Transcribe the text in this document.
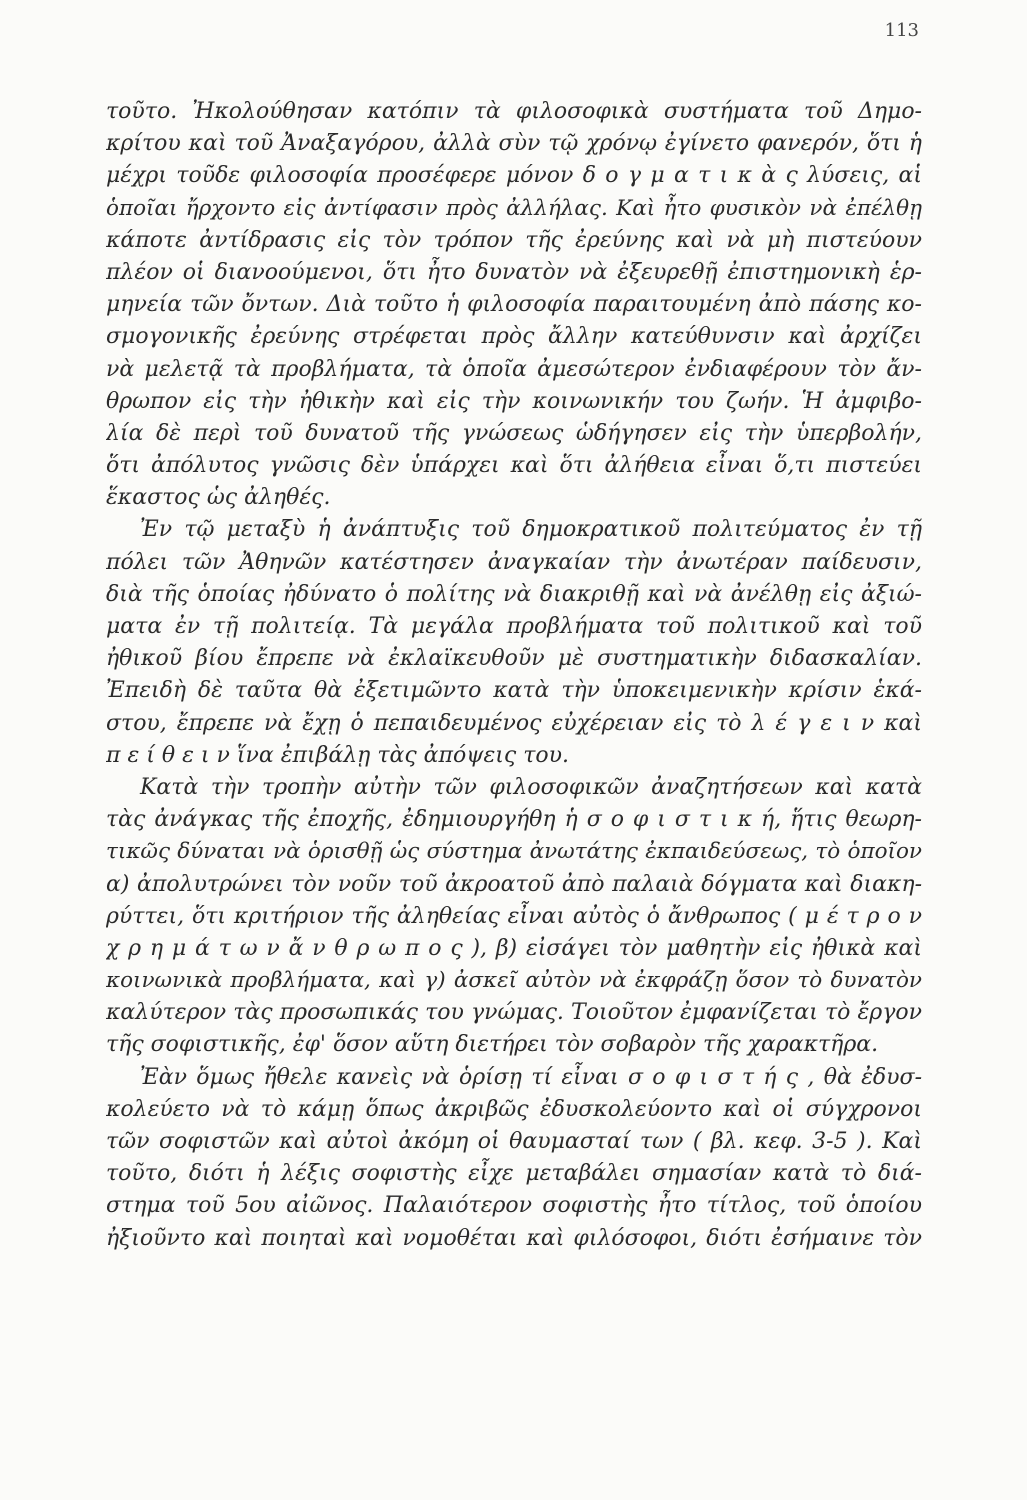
113
τοῦτο. Ἠκολούθησαν κατόπιν τὰ φιλοσοφικὰ συστήματα τοῦ Δημο-
κρίτου καὶ τοῦ Ἀναξαγόρου, ἀλλὰ σὺν τῷ χρόνῳ ἐγίνετο φανερόν, ὅτι ἡ
μέχρι τοῦδε φιλοσοφία προσέφερε μόνον δ ο γ μ α τ ι κ ὰ ς λύσεις, αἱ
ὁποῖαι ἤρχοντο εἰς ἀντίφασιν πρὸς ἀλλήλας. Καὶ ἦτο φυσικὸν νὰ ἐπέλθῃ
κάποτε ἀντίδρασις εἰς τὸν τρόπον τῆς ἐρεύνης καὶ νὰ μὴ πιστεύουν
πλέον οἱ διανοούμενοι, ὅτι ἦτο δυνατὸν νὰ ἐξευρεθῇ ἐπιστημονικὴ ἑρ-
μηνεία τῶν ὄντων. Διὰ τοῦτο ἡ φιλοσοφία παραιτουμένη ἀπὸ πάσης κο-
σμογονικῆς ἐρεύνης στρέφεται πρὸς ἄλλην κατεύθυνσιν καὶ ἀρχίζει
νὰ μελετᾷ τὰ προβλήματα, τὰ ὁποῖα ἀμεσώτερον ἐνδιαφέρουν τὸν ἄν-
θρωπον εἰς τὴν ἠθικὴν καὶ εἰς τὴν κοινωνικήν του ζωήν. Ἡ ἀμφιβο-
λία δὲ περὶ τοῦ δυνατοῦ τῆς γνώσεως ὡδήγησεν εἰς τὴν ὑπερβολήν,
ὅτι ἀπόλυτος γνῶσις δὲν ὑπάρχει καὶ ὅτι ἀλήθεια εἶναι ὅ,τι πιστεύει
ἕκαστος ὡς ἀληθές.
Ἐν τῷ μεταξὺ ἡ ἀνάπτυξις τοῦ δημοκρατικοῦ πολιτεύματος ἐν τῇ
πόλει τῶν Ἀθηνῶν κατέστησεν ἀναγκαίαν τὴν ἀνωτέραν παίδευσιν,
διὰ τῆς ὁποίας ἠδύνατο ὁ πολίτης νὰ διακριθῇ καὶ νὰ ἀνέλθῃ εἰς ἀξιώ-
ματα ἐν τῇ πολιτείᾳ. Τὰ μεγάλα προβλήματα τοῦ πολιτικοῦ καὶ τοῦ
ἠθικοῦ βίου ἔπρεπε νὰ ἐκλαϊκευθοῦν μὲ συστηματικὴν διδασκαλίαν.
Ἐπειδὴ δὲ ταῦτα θὰ ἐξετιμῶντο κατὰ τὴν ὑποκειμενικὴν κρίσιν ἑκά-
στου, ἔπρεπε νὰ ἔχῃ ὁ πεπαιδευμένος εὐχέρειαν εἰς τὸ λ έ γ ε ι ν καὶ
π ε ί θ ε ι ν ἵνα ἐπιβάλῃ τὰς ἀπόψεις του.
Κατὰ τὴν τροπὴν αὐτὴν τῶν φιλοσοφικῶν ἀναζητήσεων καὶ κατὰ
τὰς ἀνάγκας τῆς ἐποχῆς, ἐδημιουργήθη ἡ σ ο φ ι σ τ ι κ ή, ἥτις θεωρη-
τικῶς δύναται νὰ ὁρισθῇ ὡς σύστημα ἀνωτάτης ἐκπαιδεύσεως, τὸ ὁποῖον
α) ἀπολυτρώνει τὸν νοῦν τοῦ ἀκροατοῦ ἀπὸ παλαιὰ δόγματα καὶ διακη-
ρύττει, ὅτι κριτήριον τῆς ἀληθείας εἶναι αὐτὸς ὁ ἄνθρωπος ( μ έ τ ρ ο ν
χ ρ η μ ά τ ω ν ἄ ν θ ρ ω π ο ς ), β) εἰσάγει τὸν μαθητὴν εἰς ἠθικὰ καὶ
κοινωνικὰ προβλήματα, καὶ γ) ἀσκεῖ αὐτὸν νὰ ἐκφράζῃ ὅσον τὸ δυνατὸν
καλύτερον τὰς προσωπικάς του γνώμας. Τοιοῦτον ἐμφανίζεται τὸ ἔργον
τῆς σοφιστικῆς, ἐφ' ὅσον αὕτη διετήρει τὸν σοβαρὸν τῆς χαρακτῆρα.
Ἐὰν ὅμως ἤθελε κανεὶς νὰ ὁρίσῃ τί εἶναι σ ο φ ι σ τ ή ς , θὰ ἐδυσ-
κολεύετο νὰ τὸ κάμῃ ὅπως ἀκριβῶς ἐδυσκολεύοντο καὶ οἱ σύγχρονοι
τῶν σοφιστῶν καὶ αὐτοὶ ἀκόμη οἱ θαυμασταί των ( βλ. κεφ. 3-5 ). Καὶ
τοῦτο, διότι ἡ λέξις σοφιστὴς εἶχε μεταβάλει σημασίαν κατὰ τὸ διά-
στημα τοῦ 5ου αἰῶνος. Παλαιότερον σοφιστὴς ἦτο τίτλος, τοῦ ὁποίου
ἠξιοῦντο καὶ ποιηταὶ καὶ νομοθέται καὶ φιλόσοφοι, διότι ἐσήμαινε τὸν
